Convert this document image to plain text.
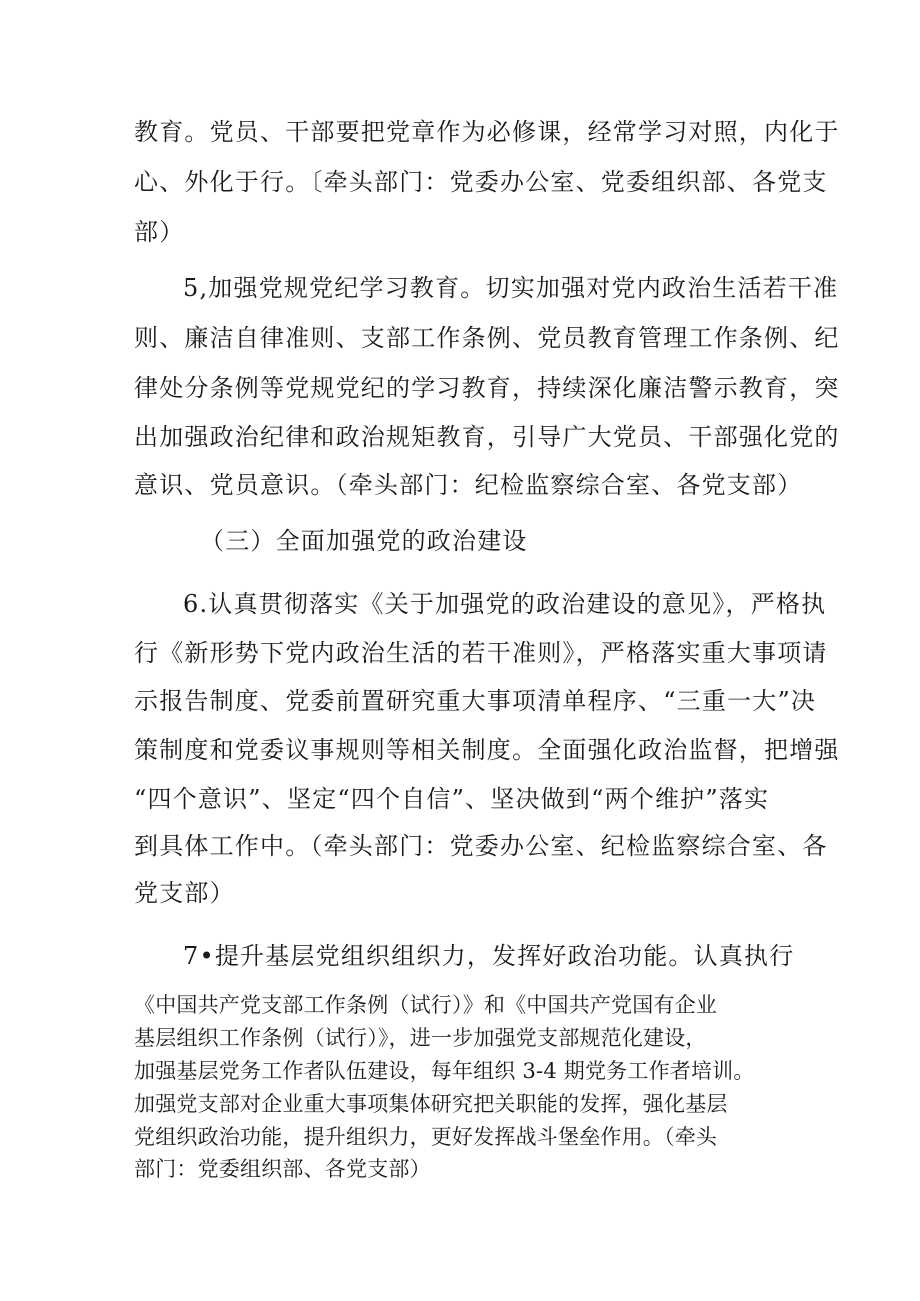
教育。党员、干部要把党章作为必修课，经常学习对照，内化于
心、外化于行。〔牵头部门：党委办公室、党委组织部、各党支
部）
5,加强党规党纪学习教育。切实加强对党内政治生活若干准
则、廉洁自律准则、支部工作条例、党员教育管理工作条例、纪
律处分条例等党规党纪的学习教育，持续深化廉洁警示教育，突
出加强政治纪律和政治规矩教育，引导广大党员、干部强化党的
意识、党员意识。（牵头部门：纪检监察综合室、各党支部）
（三）全面加强党的政治建设
6.认真贯彻落实《关于加强党的政治建设的意见》，严格执
行《新形势下党内政治生活的若干准则》，严格落实重大事项请
示报告制度、党委前置研究重大事项清单程序、“三重一大”决
策制度和党委议事规则等相关制度。全面强化政治监督，把增强
“四个意识”、坚定“四个自信”、坚决做到“两个维护”落实
到具体工作中。（牵头部门：党委办公室、纪检监察综合室、各
党支部）
7•提升基层党组织组织力，发挥好政治功能。认真执行
《中国共产党支部工作条例（试行）》和《中国共产党国有企业
基层组织工作条例（试行）》，进一步加强党支部规范化建设，
加强基层党务工作者队伍建设，每年组织 3-4 期党务工作者培训。
加强党支部对企业重大事项集体研究把关职能的发挥，强化基层
党组织政治功能，提升组织力，更好发挥战斗堡垒作用。（牵头
部门：党委组织部、各党支部）
